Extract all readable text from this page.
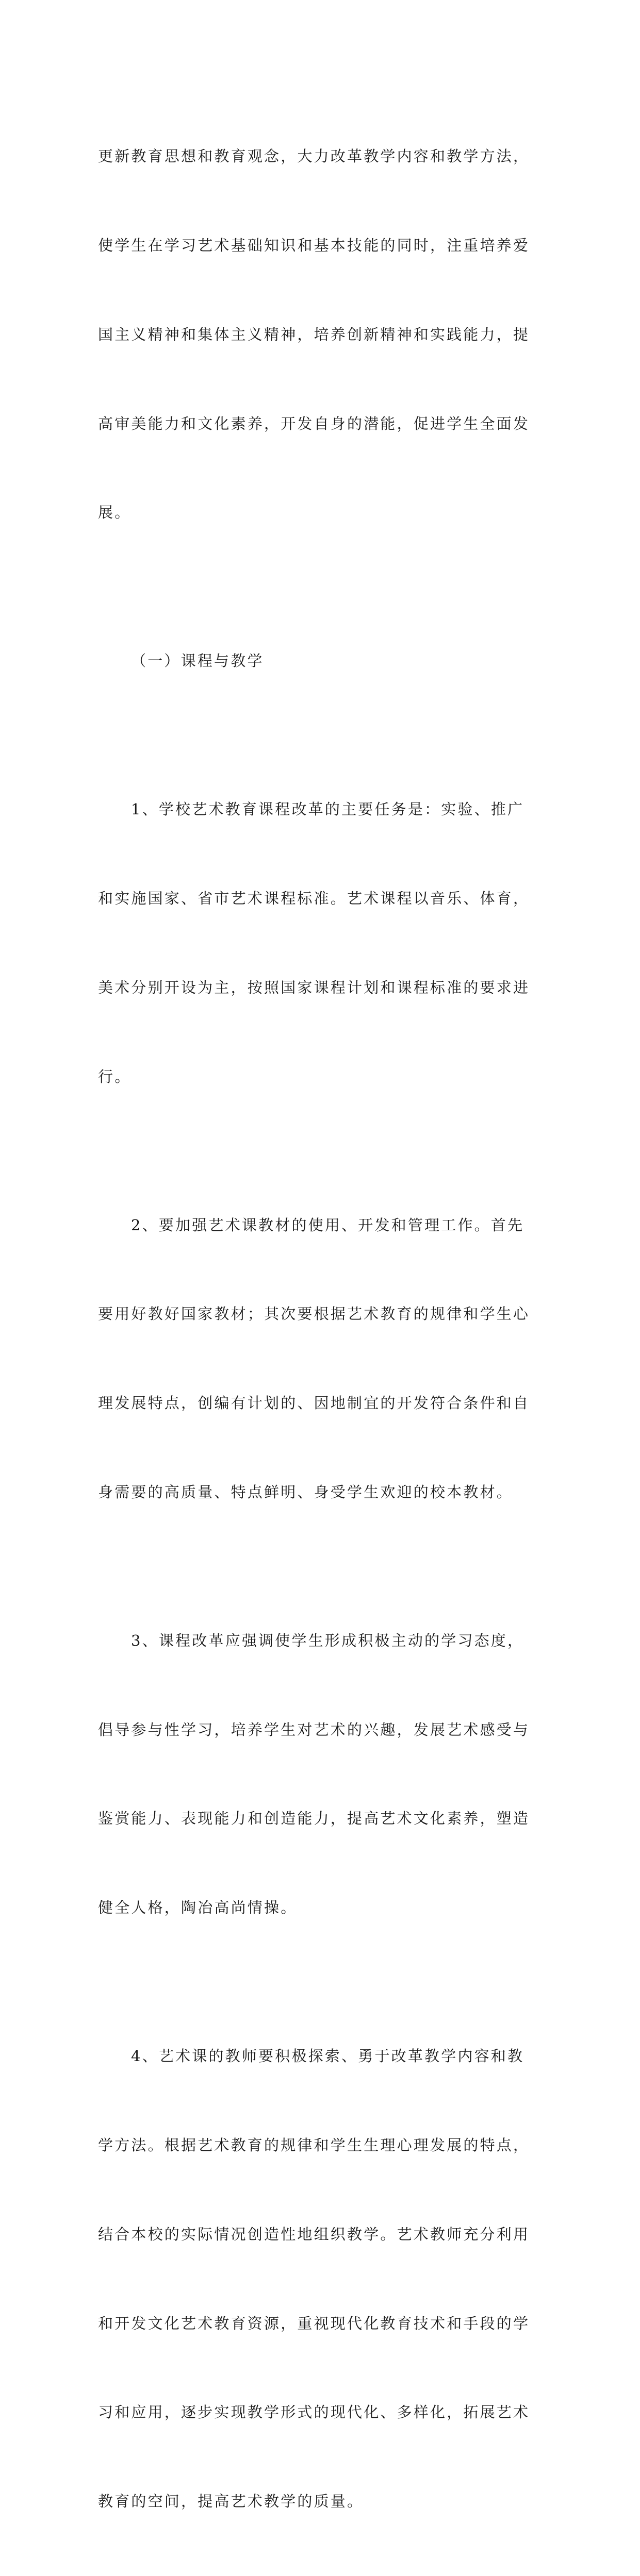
更新教育思想和教育观念，大力改革教学内容和教学方法，

使学生在学习艺术基础知识和基本技能的同时，注重培养爱

国主义精神和集体主义精神，培养创新精神和实践能力，提

高审美能力和文化素养，开发自身的潜能，促进学生全面发

展。

（一）课程与教学

1、学校艺术教育课程改革的主要任务是：实验、推广

和实施国家、省市艺术课程标准。艺术课程以音乐、体育，

美术分别开设为主，按照国家课程计划和课程标准的要求进

行。

2、要加强艺术课教材的使用、开发和管理工作。首先

要用好教好国家教材；其次要根据艺术教育的规律和学生心

理发展特点，创编有计划的、因地制宜的开发符合条件和自

身需要的高质量、特点鲜明、身受学生欢迎的校本教材。

3、课程改革应强调使学生形成积极主动的学习态度，

倡导参与性学习，培养学生对艺术的兴趣，发展艺术感受与

鉴赏能力、表现能力和创造能力，提高艺术文化素养，塑造

健全人格，陶冶高尚情操。

4、艺术课的教师要积极探索、勇于改革教学内容和教

学方法。根据艺术教育的规律和学生生理心理发展的特点，

结合本校的实际情况创造性地组织教学。艺术教师充分利用

和开发文化艺术教育资源，重视现代化教育技术和手段的学

习和应用，逐步实现教学形式的现代化、多样化，拓展艺术

教育的空间，提高艺术教学的质量。
